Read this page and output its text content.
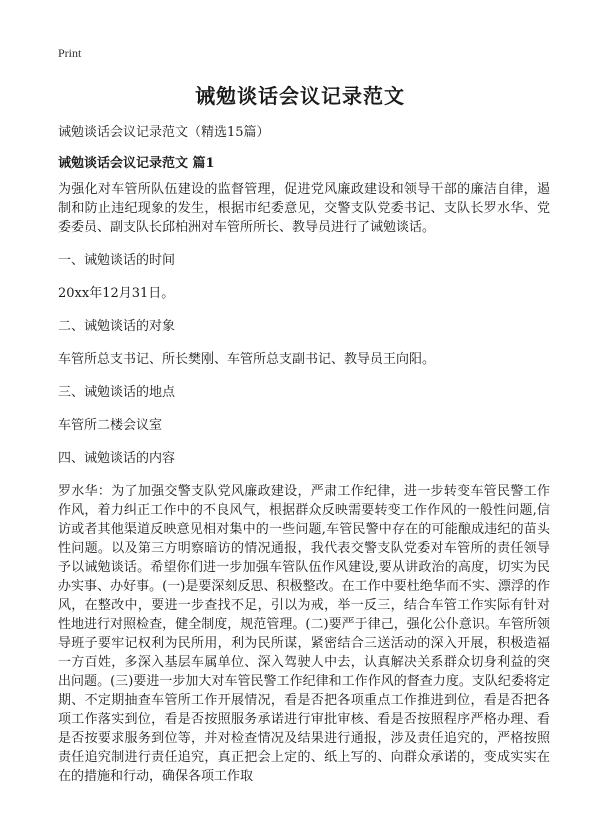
Print
诫勉谈话会议记录范文
诫勉谈话会议记录范文（精选15篇）
诫勉谈话会议记录范文 篇1

为强化对车管所队伍建设的监督管理，促进党风廉政建设和领导干部的廉洁自律，遏制和防止违纪现象的发生，根据市纪委意见，交警支队党委书记、支队长罗水华、党委委员、副支队长邱柏洲对车管所所长、教导员进行了诫勉谈话。

一、诫勉谈话的时间

20xx年12月31日。

二、诫勉谈话的对象

车管所总支书记、所长樊刚、车管所总支副书记、教导员王向阳。

三、诫勉谈话的地点

车管所二楼会议室

四、诫勉谈话的内容

罗水华：为了加强交警支队党风廉政建设，严肃工作纪律，进一步转变车管民警工作作风，着力纠正工作中的不良风气，根据群众反映需要转变工作作风的一般性问题,信访或者其他渠道反映意见相对集中的一些问题,车管民警中存在的可能酿成违纪的苗头性问题。以及第三方明察暗访的情况通报，我代表交警支队党委对车管所的责任领导予以诫勉谈话。希望你们进一步加强车管队伍作风建设,要从讲政治的高度，切实为民办实事、办好事。(一)是要深刻反思、积极整改。在工作中要杜绝华而不实、漂浮的作风，在整改中，要进一步查找不足，引以为戒，举一反三，结合车管工作实际有针对性地进行对照检查，健全制度，规范管理。(二)要严于律己，强化公仆意识。车管所领导班子要牢记权利为民所用，利为民所谋，紧密结合三送活动的深入开展，积极造福一方百姓，多深入基层车属单位、深入驾驶人中去，认真解决关系群众切身利益的突出问题。(三)要进一步加大对车管民警工作纪律和工作作风的督查力度。支队纪委将定期、不定期抽查车管所工作开展情况，看是否把各项重点工作推进到位，看是否把各项工作落实到位，看是否按照服务承诺进行审批审核、看是否按照程序严格办理、看是否按要求服务到位等，并对检查情况及结果进行通报，涉及责任追究的，严格按照责任追究制进行责任追究，真正把会上定的、纸上写的、向群众承诺的，变成实实在在的措施和行动，确保各项工作取
